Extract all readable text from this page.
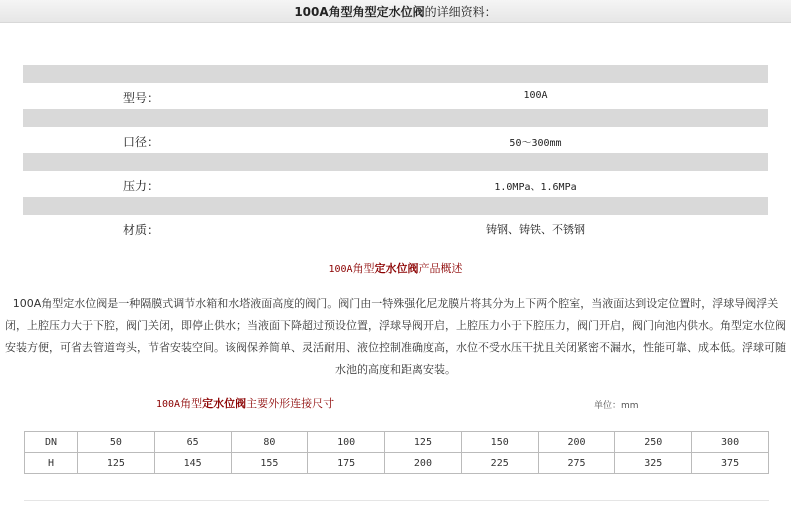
100A角型角型定水位阀的详细资料：
型号：	100A
口径：	50～300mm
压力：	1.0MPa、1.6MPa
材质：	铸钢、铸铁、不锈钢
100A角型定水位阀产品概述
100A角型定水位阀是一种隔膜式调节水箱和水塔液面高度的阀门。阀门由一特殊强化尼龙膜片将其分为上下两个腔室，当液面达到设定位置时，浮球导阀浮关闭，上腔压力大于下腔，阀门关闭，即停止供水；当液面下降超过预设位置，浮球导阀开启，上腔压力小于下腔压力，阀门开启，阀门向池内供水。角型定水位阀安装方便，可省去管道弯头，节省安装空间。该阀保养简单、灵活耐用、液位控制准确度高，水位不受水压干扰且关闭紧密不漏水，性能可靠、成本低。浮球可随水池的高度和距离安装。
100A角型定水位阀主要外形连接尺寸	单位：mm
DN	50	65	80	100	125	150	200	250	300
H	125	145	155	175	200	225	275	325	375
